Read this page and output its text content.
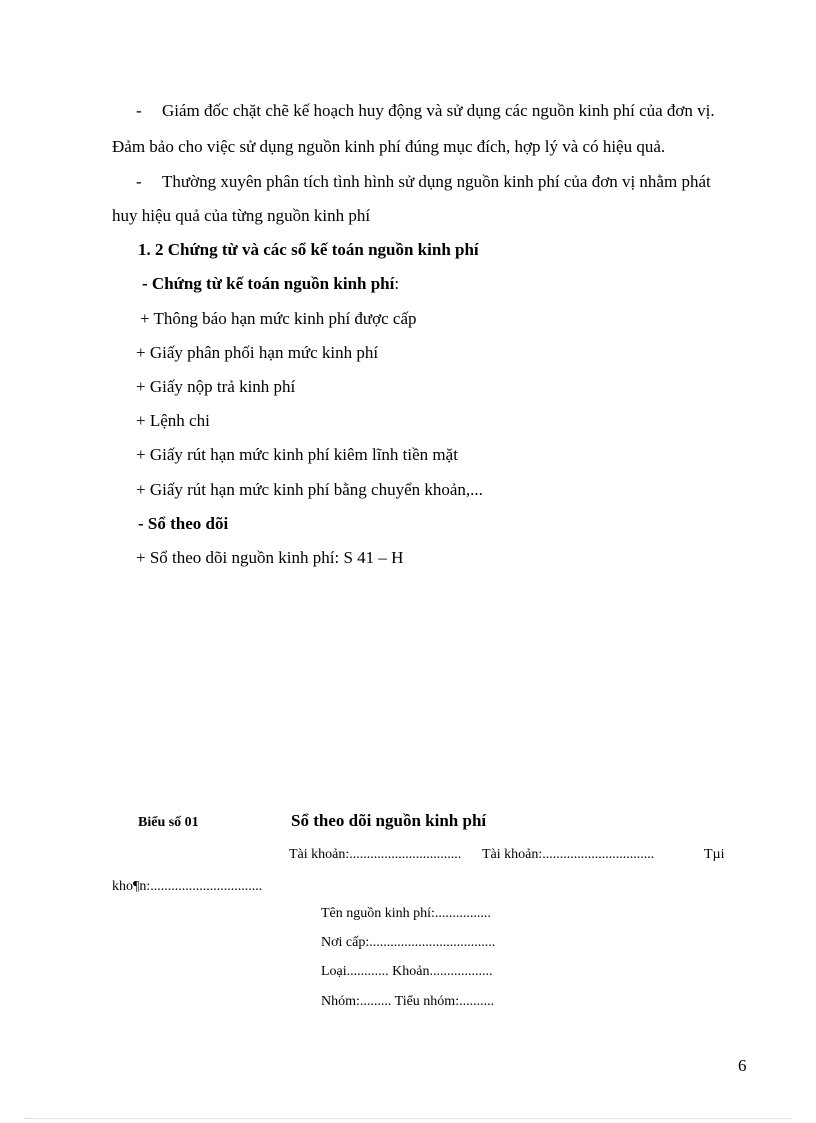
- Giám đốc chặt chẽ kế hoạch huy động và sử dụng các nguồn kinh phí của đơn vị.
Đảm bảo cho việc sử dụng nguồn kinh phí đúng mục đích, hợp lý và có hiệu quả.
- Thường xuyên phân tích tình hình sử dụng nguồn kinh phí của đơn vị nhằm phát
huy hiệu quả của từng nguồn kinh phí
1. 2 Chứng từ và các sổ kế toán nguồn kinh phí
- Chứng từ kế toán nguồn kinh phí:
+ Thông báo hạn mức kinh phí được cấp
+ Giấy phân phối hạn mức kinh phí
+ Giấy nộp trả kinh phí
+ Lệnh chi
+ Giấy rút hạn mức kinh phí kiêm lĩnh tiền mặt
+ Giấy rút hạn mức kinh phí bằng chuyển khoản,...
- Sổ theo dõi
+ Sổ theo dõi nguồn kinh phí: S 41 – H
Biểu số 01	Sổ theo dõi nguồn kinh phí
Tài khoản:................................ Tài khoản:................................	Tµi
kho¶n:................................
Tên nguồn kinh phí:................
Nơi cấp:....................................
Loại............ Khoản..................
Nhóm:......... Tiểu nhóm:..........
6
